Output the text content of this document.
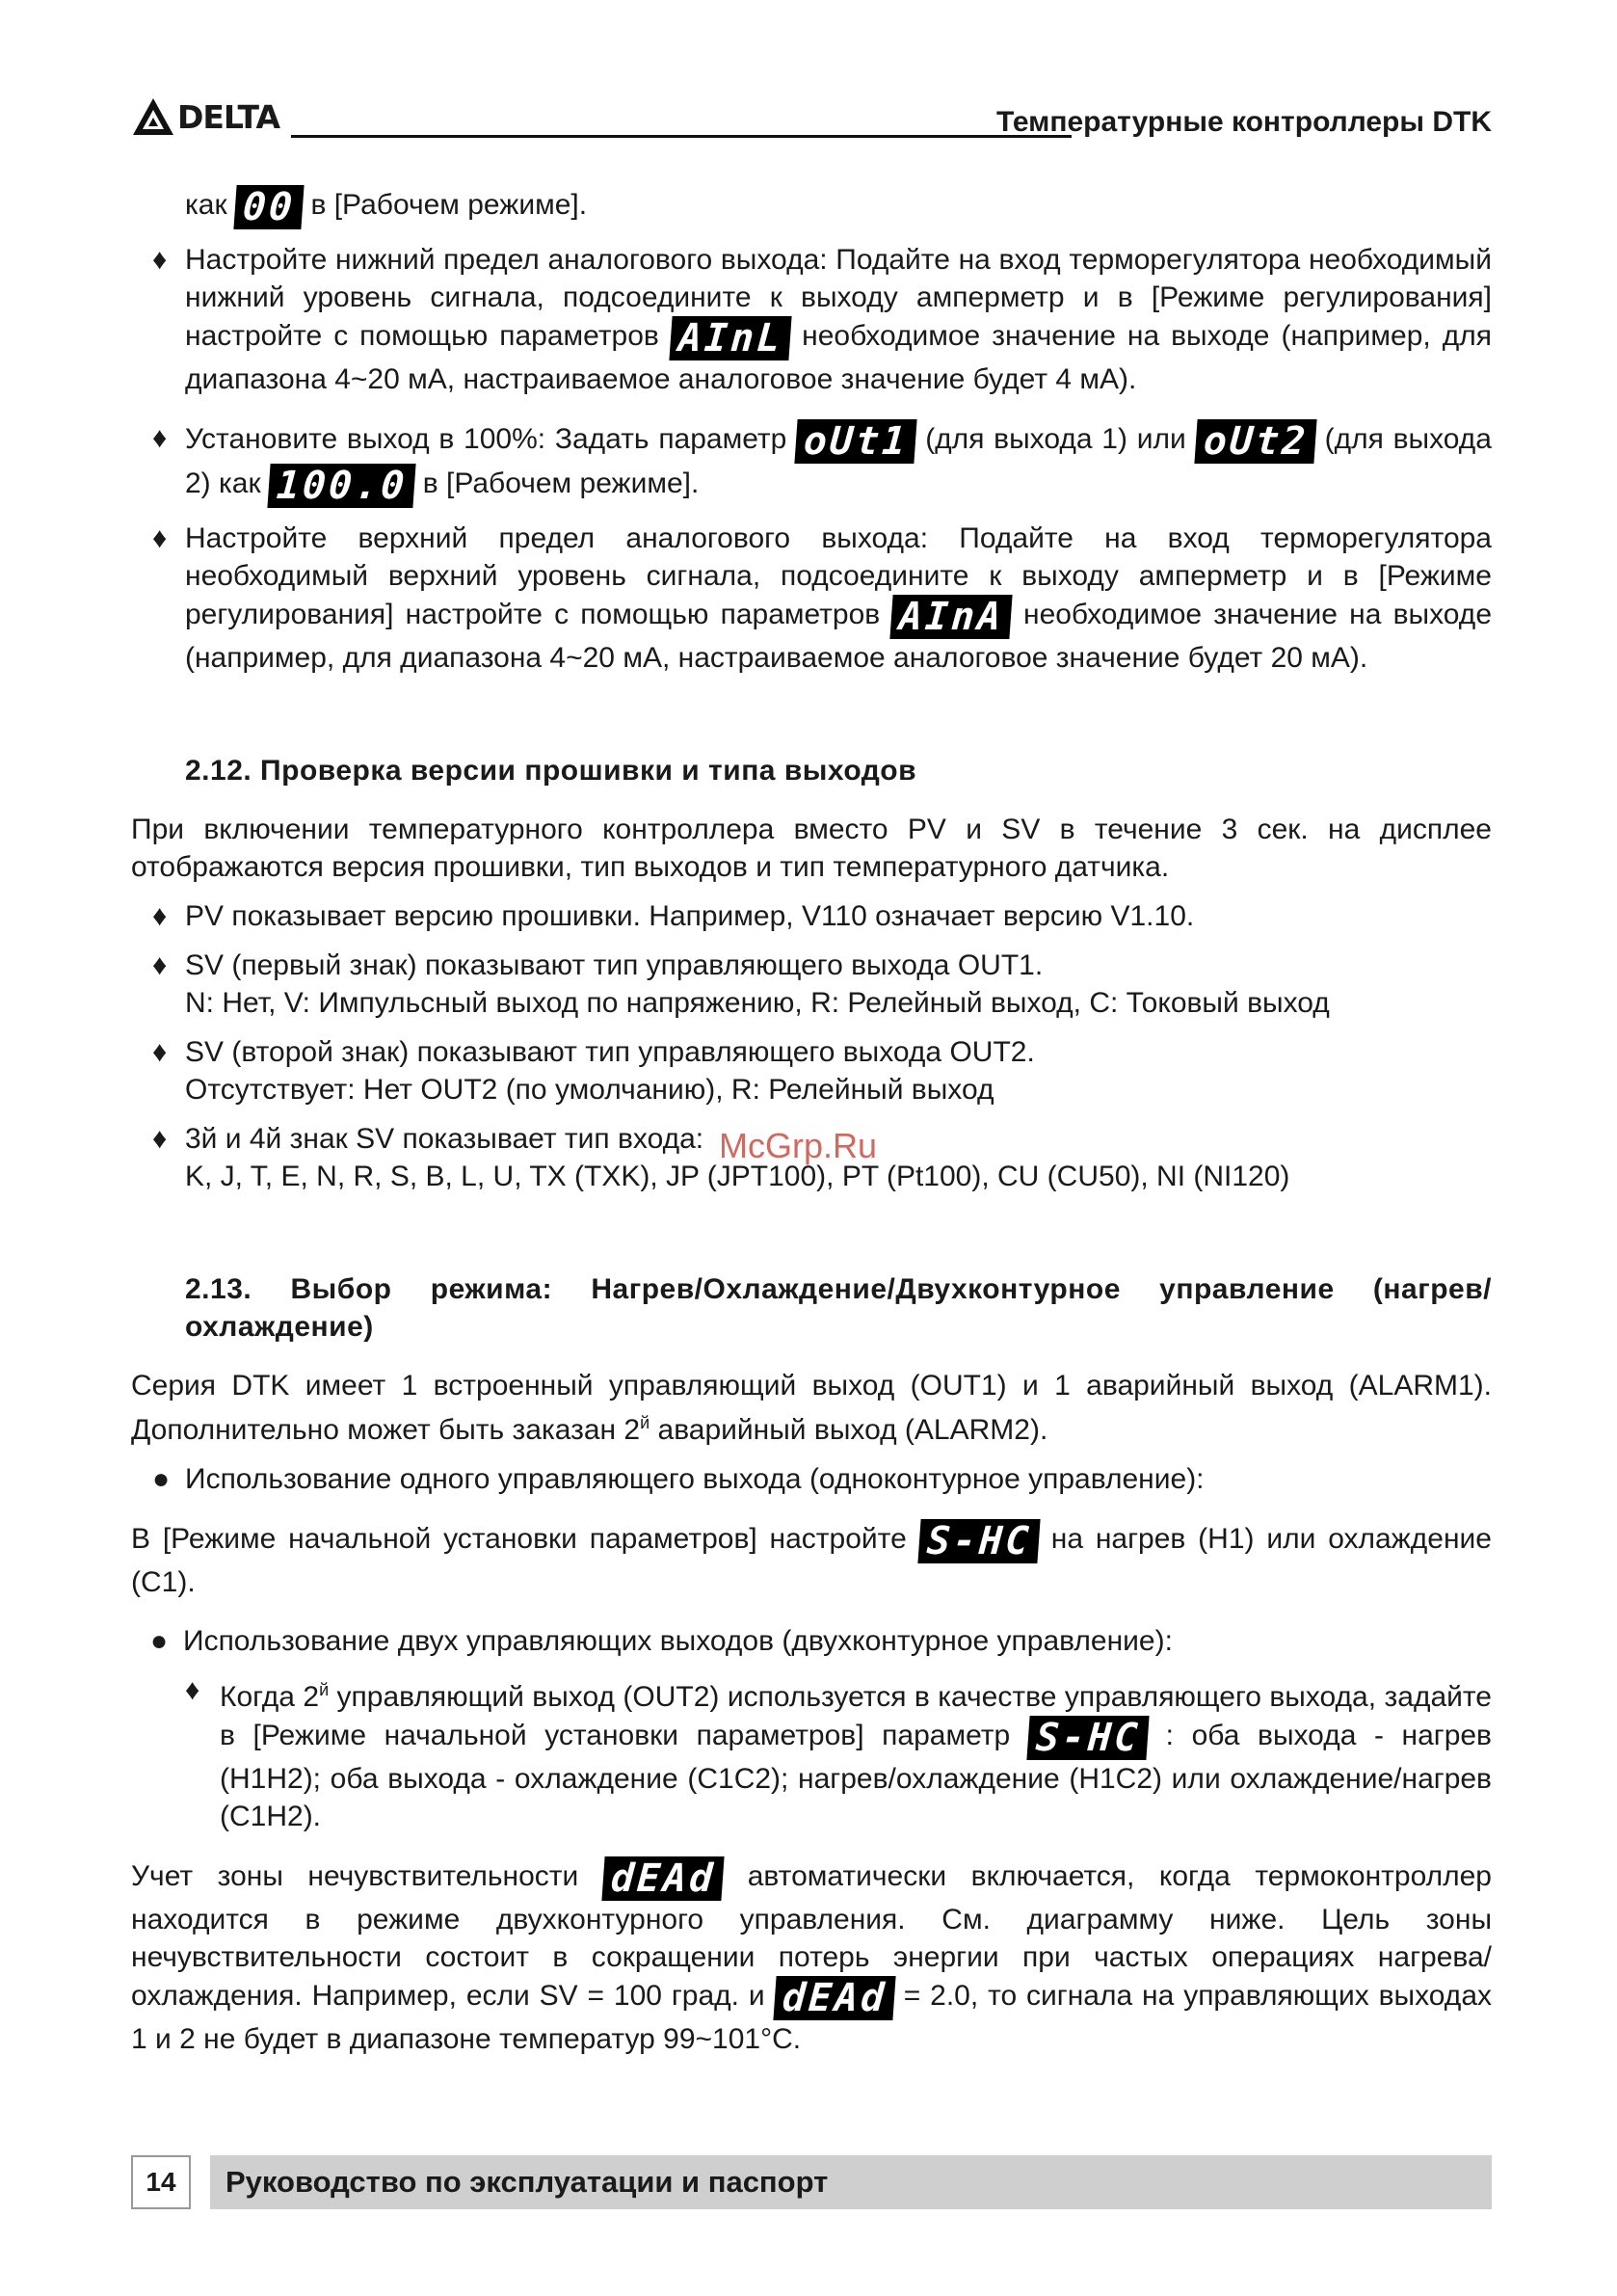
DELTA	Температурные контроллеры DTK

как 00 в [Рабочем режиме].

♦ Настройте нижний предел аналогового выхода: Подайте на вход терморегулятора необходимый нижний уровень сигнала, подсоедините к выходу амперметр и в [Режиме регулирования] настройте с помощью параметров AInL необходимое значение на выходе (например, для диапазона 4~20 мА, настраиваемое аналоговое значение будет 4 мА).
♦ Установите выход в 100%: Задать параметр oUt1 (для выхода 1) или oUt2 (для выхода 2) как 100.0 в [Рабочем режиме].
♦ Настройте верхний предел аналогового выхода: Подайте на вход терморегулятора необходимый верхний уровень сигнала, подсоедините к выходу амперметр и в [Режиме регулирования] настройте с помощью параметров AInA необходимое значение на выходе (например, для диапазона 4~20 мА, настраиваемое аналоговое значение будет 20 мА).
2.12. Проверка версии прошивки и типа выходов

При включении температурного контроллера вместо PV и SV в течение 3 сек. на дисплее отображаются версия прошивки, тип выходов и тип температурного датчика.

♦ PV показывает версию прошивки. Например, V110 означает версию V1.10.
♦ SV (первый знак) показывают тип управляющего выхода OUT1.
N: Нет, V: Импульсный выход по напряжению, R: Релейный выход, C: Токовый выход
♦ SV (второй знак) показывают тип управляющего выхода OUT2.
Отсутствует: Нет OUT2 (по умолчанию), R: Релейный выход
♦ 3й и 4й знак SV показывает тип входа:
K, J, T, E, N, R, S, B, L, U, TX (TXK), JP (JPT100), PT (Pt100), CU (CU50), NI (NI120)
2.13. Выбор режима: Нагрев/Охлаждение/Двухконтурное управление (нагрев/охлаждение)

Серия DTK имеет 1 встроенный управляющий выход (OUT1) и 1 аварийный выход (ALARM1). Дополнительно может быть заказан $2^й$ аварийный выход (ALARM2).

● Использование одного управляющего выхода (одноконтурное управление):

В [Режиме начальной установки параметров] настройте S-HC на нагрев (H1) или охлаждение (C1).

● Использование двух управляющих выходов (двухконтурное управление):
♦ Когда $2^й$ управляющий выход (OUT2) используется в качестве управляющего выхода, задайте в [Режиме начальной установки параметров] параметр S-HC : оба выхода - нагрев (H1H2); оба выхода - охлаждение (C1C2); нагрев/охлаждение (H1C2) или охлаждение/нагрев (C1H2).

Учет зоны нечувствительности dEAd автоматически включается, когда термоконтроллер находится в режиме двухконтурного управления. См. диаграмму ниже. Цель зоны нечувствительности состоит в сокращении потерь энергии при частых операциях нагрева/охлаждения. Например, если SV = 100 град. и dEAd = 2.0, то сигнала на управляющих выходах 1 и 2 не будет в диапазоне температур 99~101°C.

McGrp.Ru
14	Руководство по эксплуатации и паспорт
